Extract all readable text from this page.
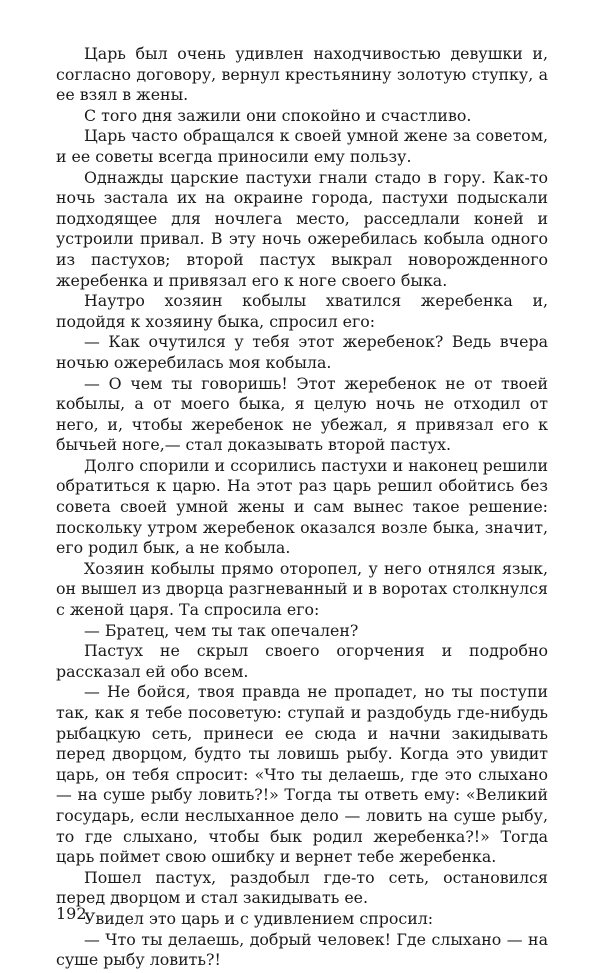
Царь был очень удивлен находчивостью девушки и, согласно договору, вернул крестьянину золотую ступку, а ее взял в жены.

С того дня зажили они спокойно и счастливо.

Царь часто обращался к своей умной жене за советом, и ее советы всегда приносили ему пользу.

Однажды царские пастухи гнали стадо в гору. Как-то ночь застала их на окраине города, пастухи подыскали подходящее для ночлега место, расседлали коней и устроили привал. В эту ночь ожеребилась кобыла одного из пастухов; второй пастух выкрал новорожденного жеребенка и привязал его к ноге своего быка.

Наутро хозяин кобылы хватился жеребенка и, подойдя к хозяину быка, спросил его:

— Как очутился у тебя этот жеребенок? Ведь вчера ночью ожеребилась моя кобыла.

— О чем ты говоришь! Этот жеребенок не от твоей кобылы, а от моего быка, я целую ночь не отходил от него, и, чтобы жеребенок не убежал, я привязал его к бычьей ноге,— стал доказывать второй пастух.

Долго спорили и ссорились пастухи и наконец решили обратиться к царю. На этот раз царь решил обойтись без совета своей умной жены и сам вынес такое решение: поскольку утром жеребенок оказался возле быка, значит, его родил бык, а не кобыла.

Хозяин кобылы прямо оторопел, у него отнялся язык, он вышел из дворца разгневанный и в воротах столкнулся с женой царя. Та спросила его:

— Братец, чем ты так опечален?

Пастух не скрыл своего огорчения и подробно рассказал ей обо всем.

— Не бойся, твоя правда не пропадет, но ты поступи так, как я тебе посоветую: ступай и раздобудь где-нибудь рыбацкую сеть, принеси ее сюда и начни закидывать перед дворцом, будто ты ловишь рыбу. Когда это увидит царь, он тебя спросит: «Что ты делаешь, где это слыхано — на суше рыбу ловить?!» Тогда ты ответь ему: «Великий государь, если неслыханное дело — ловить на суше рыбу, то где слыхано, чтобы бык родил жеребенка?!» Тогда царь поймет свою ошибку и вернет тебе жеребенка.

Пошел пастух, раздобыл где-то сеть, остановился перед дворцом и стал закидывать ее.

Увидел это царь и с удивлением спросил:

— Что ты делаешь, добрый человек! Где слыхано — на суше рыбу ловить?!

192
